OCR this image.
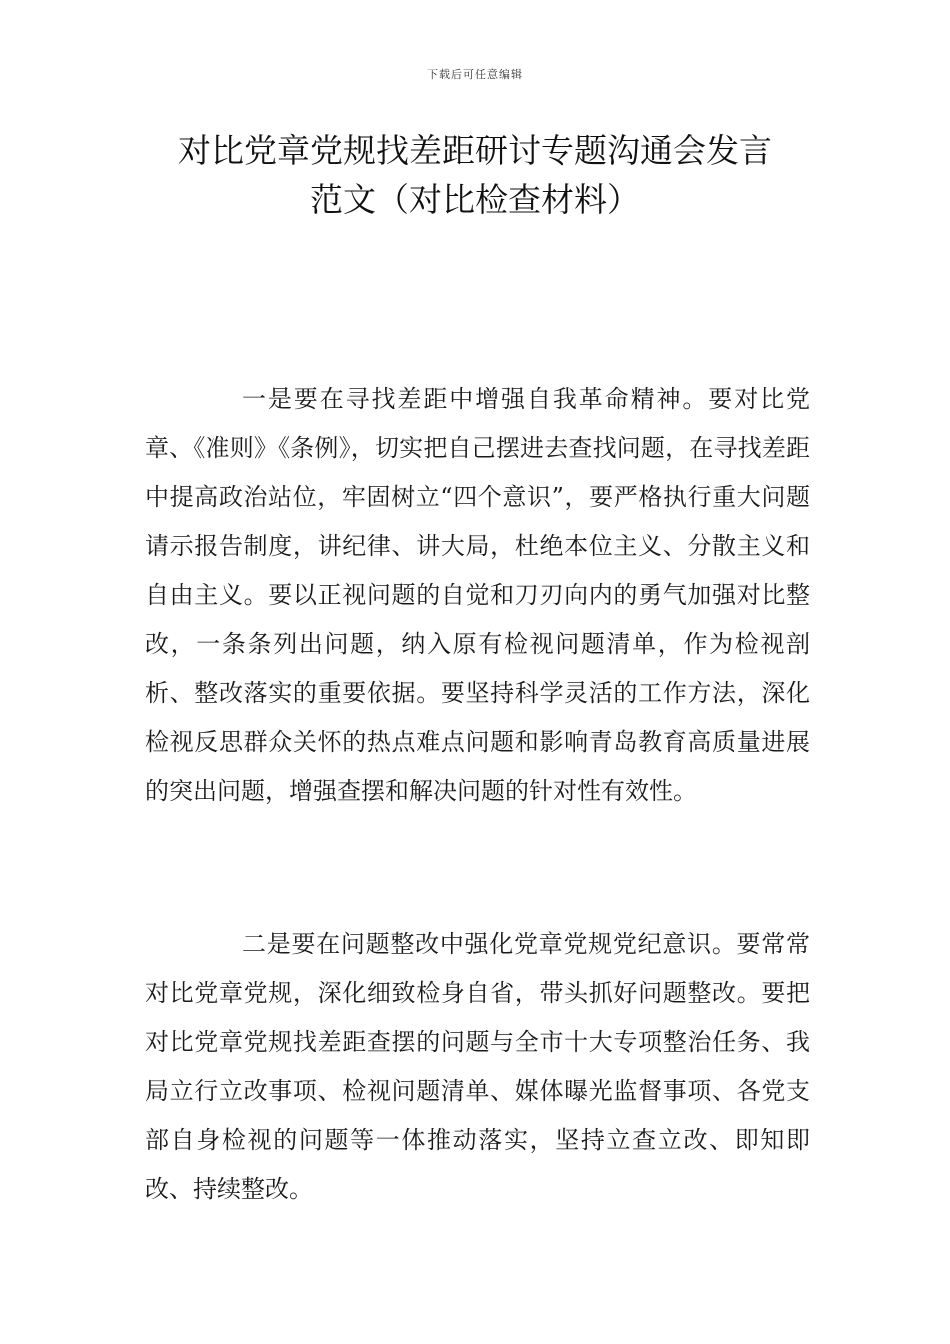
下载后可任意编辑
对比党章党规找差距研讨专题沟通会发言
范文（对比检查材料）

一是要在寻找差距中增强自我革命精神。要对比党章、《准则》《条例》，切实把自己摆进去查找问题，在寻找差距中提高政治站位，牢固树立“四个意识”，要严格执行重大问题请示报告制度，讲纪律、讲大局，杜绝本位主义、分散主义和自由主义。要以正视问题的自觉和刀刃向内的勇气加强对比整改，一条条列出问题，纳入原有检视问题清单，作为检视剖析、整改落实的重要依据。要坚持科学灵活的工作方法，深化检视反思群众关怀的热点难点问题和影响青岛教育高质量进展的突出问题，增强查摆和解决问题的针对性有效性。

二是要在问题整改中强化党章党规党纪意识。要常常对比党章党规，深化细致检身自省，带头抓好问题整改。要把对比党章党规找差距查摆的问题与全市十大专项整治任务、我局立行立改事项、检视问题清单、媒体曝光监督事项、各党支部自身检视的问题等一体推动落实，坚持立查立改、即知即改、持续整改。
